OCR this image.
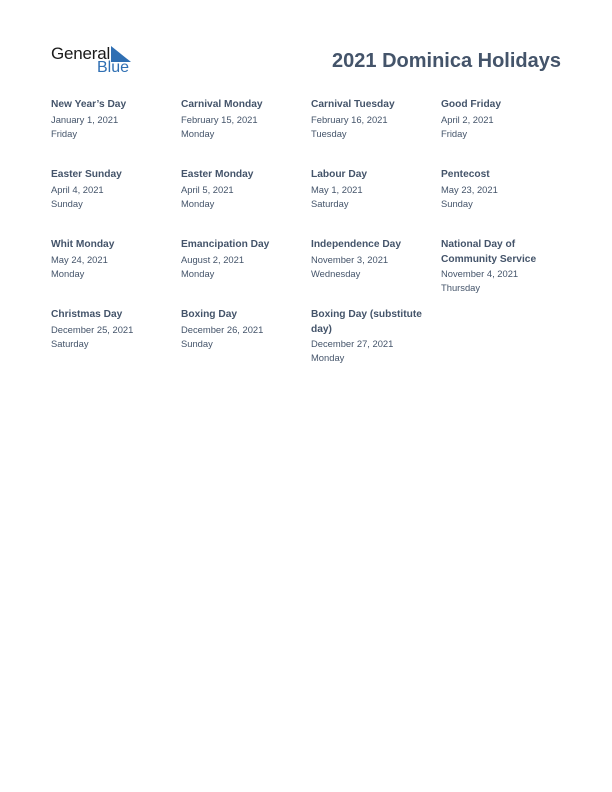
General
Blue	2021 Dominica Holidays
New Year’s Day
January 1, 2021
Friday
Carnival Monday
February 15, 2021
Monday
Carnival Tuesday
February 16, 2021
Tuesday
Good Friday
April 2, 2021
Friday
Easter Sunday
April 4, 2021
Sunday
Easter Monday
April 5, 2021
Monday
Labour Day
May 1, 2021
Saturday
Pentecost
May 23, 2021
Sunday
Whit Monday
May 24, 2021
Monday
Emancipation Day
August 2, 2021
Monday
Independence Day
November 3, 2021
Wednesday
National Day of Community Service
November 4, 2021
Thursday
Christmas Day
December 25, 2021
Saturday
Boxing Day
December 26, 2021
Sunday
Boxing Day (substitute day)
December 27, 2021
Monday
